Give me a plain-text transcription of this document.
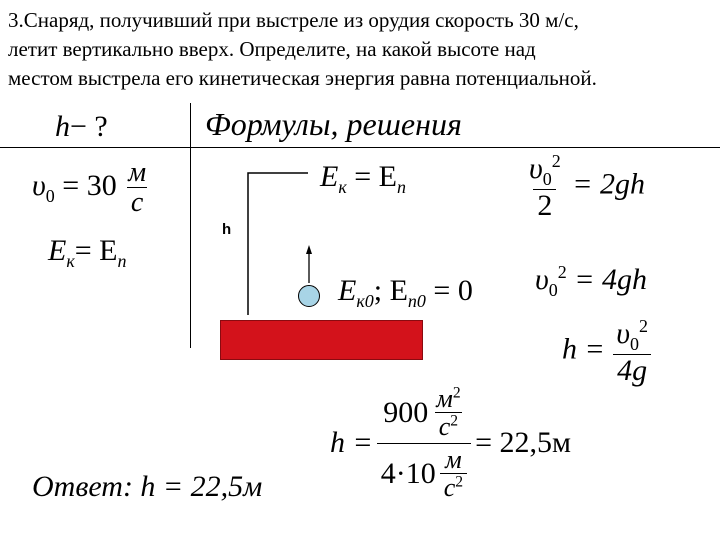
3.Снаряд, получивший при выстреле из орудия скорость 30 м/с,
летит вертикально вверх. Определите, на какой высоте над
местом выстрела его кинетическая энергия равна потенциальной.
h− ?	Формулы, решения
$\upsilon_0 = 30 \frac{м}{с}$
$E_к= E_п$
h
$E_к = E_п$
$E_{к0}$; $E_{п0} = 0$
$\frac{\upsilon_0^2}{2} = 2gh$
$\upsilon_0^2 = 4gh$
$h = \frac{\upsilon_0^2}{4g}$
$h = \frac{900 \frac{м^2}{с^2}}{4\cdot 10 \frac{м}{с^2}} = 22,5м$
Ответ: h = 22,5м
